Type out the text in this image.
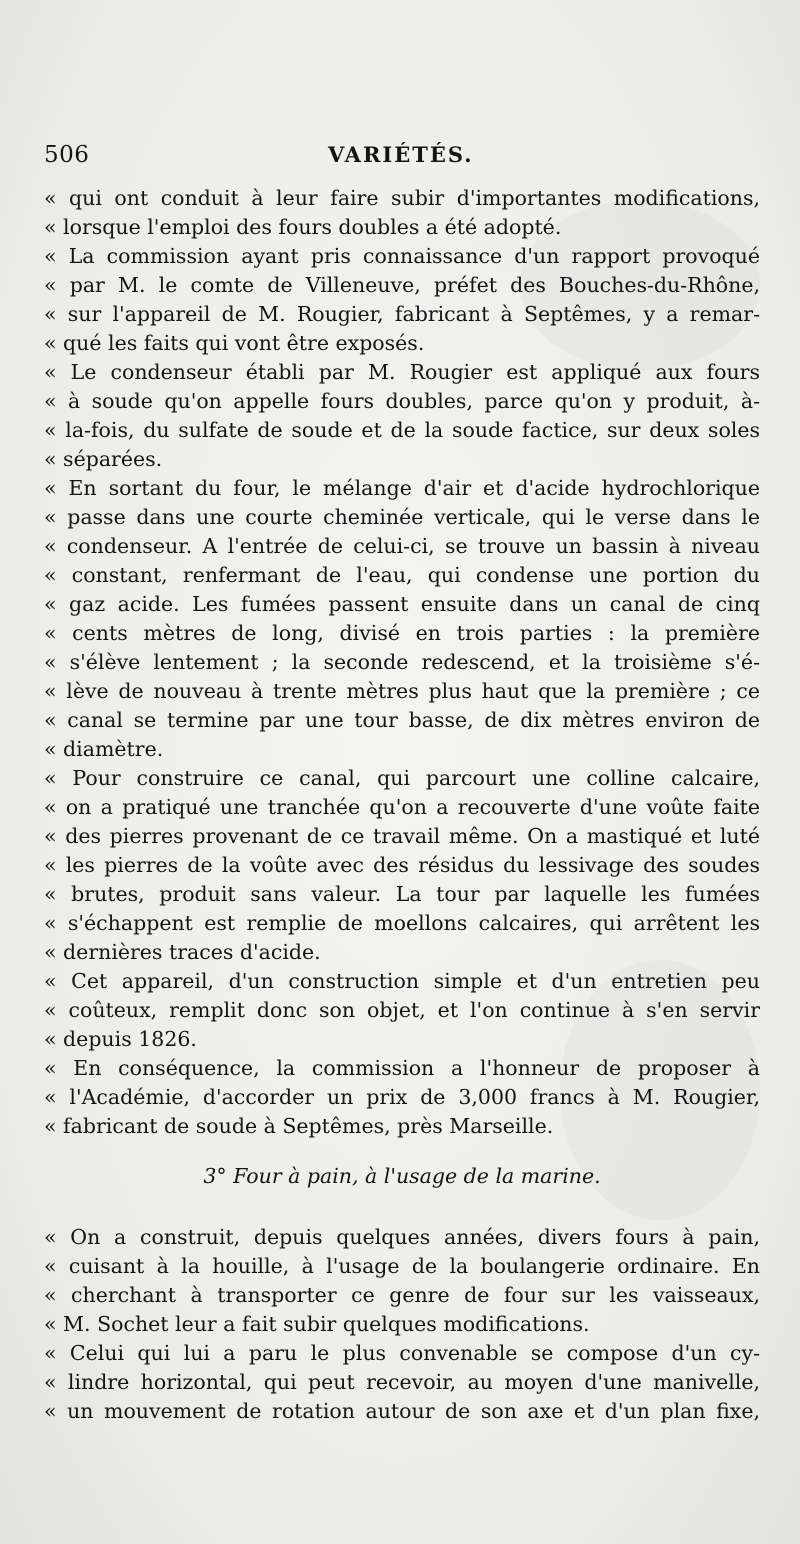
506	VARIÉTÉS.
« qui ont conduit à leur faire subir d'importantes modifications,
« lorsque l'emploi des fours doubles a été adopté.
« La commission ayant pris connaissance d'un rapport provoqué
« par M. le comte de Villeneuve, préfet des Bouches-du-Rhône,
« sur l'appareil de M. Rougier, fabricant à Septêmes, y a remar-
« qué les faits qui vont être exposés.
« Le condenseur établi par M. Rougier est appliqué aux fours
« à soude qu'on appelle fours doubles, parce qu'on y produit, à-
« la-fois, du sulfate de soude et de la soude factice, sur deux soles
« séparées.
« En sortant du four, le mélange d'air et d'acide hydrochlorique
« passe dans une courte cheminée verticale, qui le verse dans le
« condenseur. A l'entrée de celui-ci, se trouve un bassin à niveau
« constant, renfermant de l'eau, qui condense une portion du
« gaz acide. Les fumées passent ensuite dans un canal de cinq
« cents mètres de long, divisé en trois parties : la première
« s'élève lentement ; la seconde redescend, et la troisième s'é-
« lève de nouveau à trente mètres plus haut que la première ; ce
« canal se termine par une tour basse, de dix mètres environ de
« diamètre.
« Pour construire ce canal, qui parcourt une colline calcaire,
« on a pratiqué une tranchée qu'on a recouverte d'une voûte faite
« des pierres provenant de ce travail même. On a mastiqué et luté
« les pierres de la voûte avec des résidus du lessivage des soudes
« brutes, produit sans valeur. La tour par laquelle les fumées
« s'échappent est remplie de moellons calcaires, qui arrêtent les
« dernières traces d'acide.
« Cet appareil, d'un construction simple et d'un entretien peu
« coûteux, remplit donc son objet, et l'on continue à s'en servir
« depuis 1826.
« En conséquence, la commission a l'honneur de proposer à
« l'Académie, d'accorder un prix de 3,000 francs à M. Rougier,
« fabricant de soude à Septêmes, près Marseille.
3° Four à pain, à l'usage de la marine.
« On a construit, depuis quelques années, divers fours à pain,
« cuisant à la houille, à l'usage de la boulangerie ordinaire. En
« cherchant à transporter ce genre de four sur les vaisseaux,
« M. Sochet leur a fait subir quelques modifications.
« Celui qui lui a paru le plus convenable se compose d'un cy-
« lindre horizontal, qui peut recevoir, au moyen d'une manivelle,
« un mouvement de rotation autour de son axe et d'un plan fixe,
